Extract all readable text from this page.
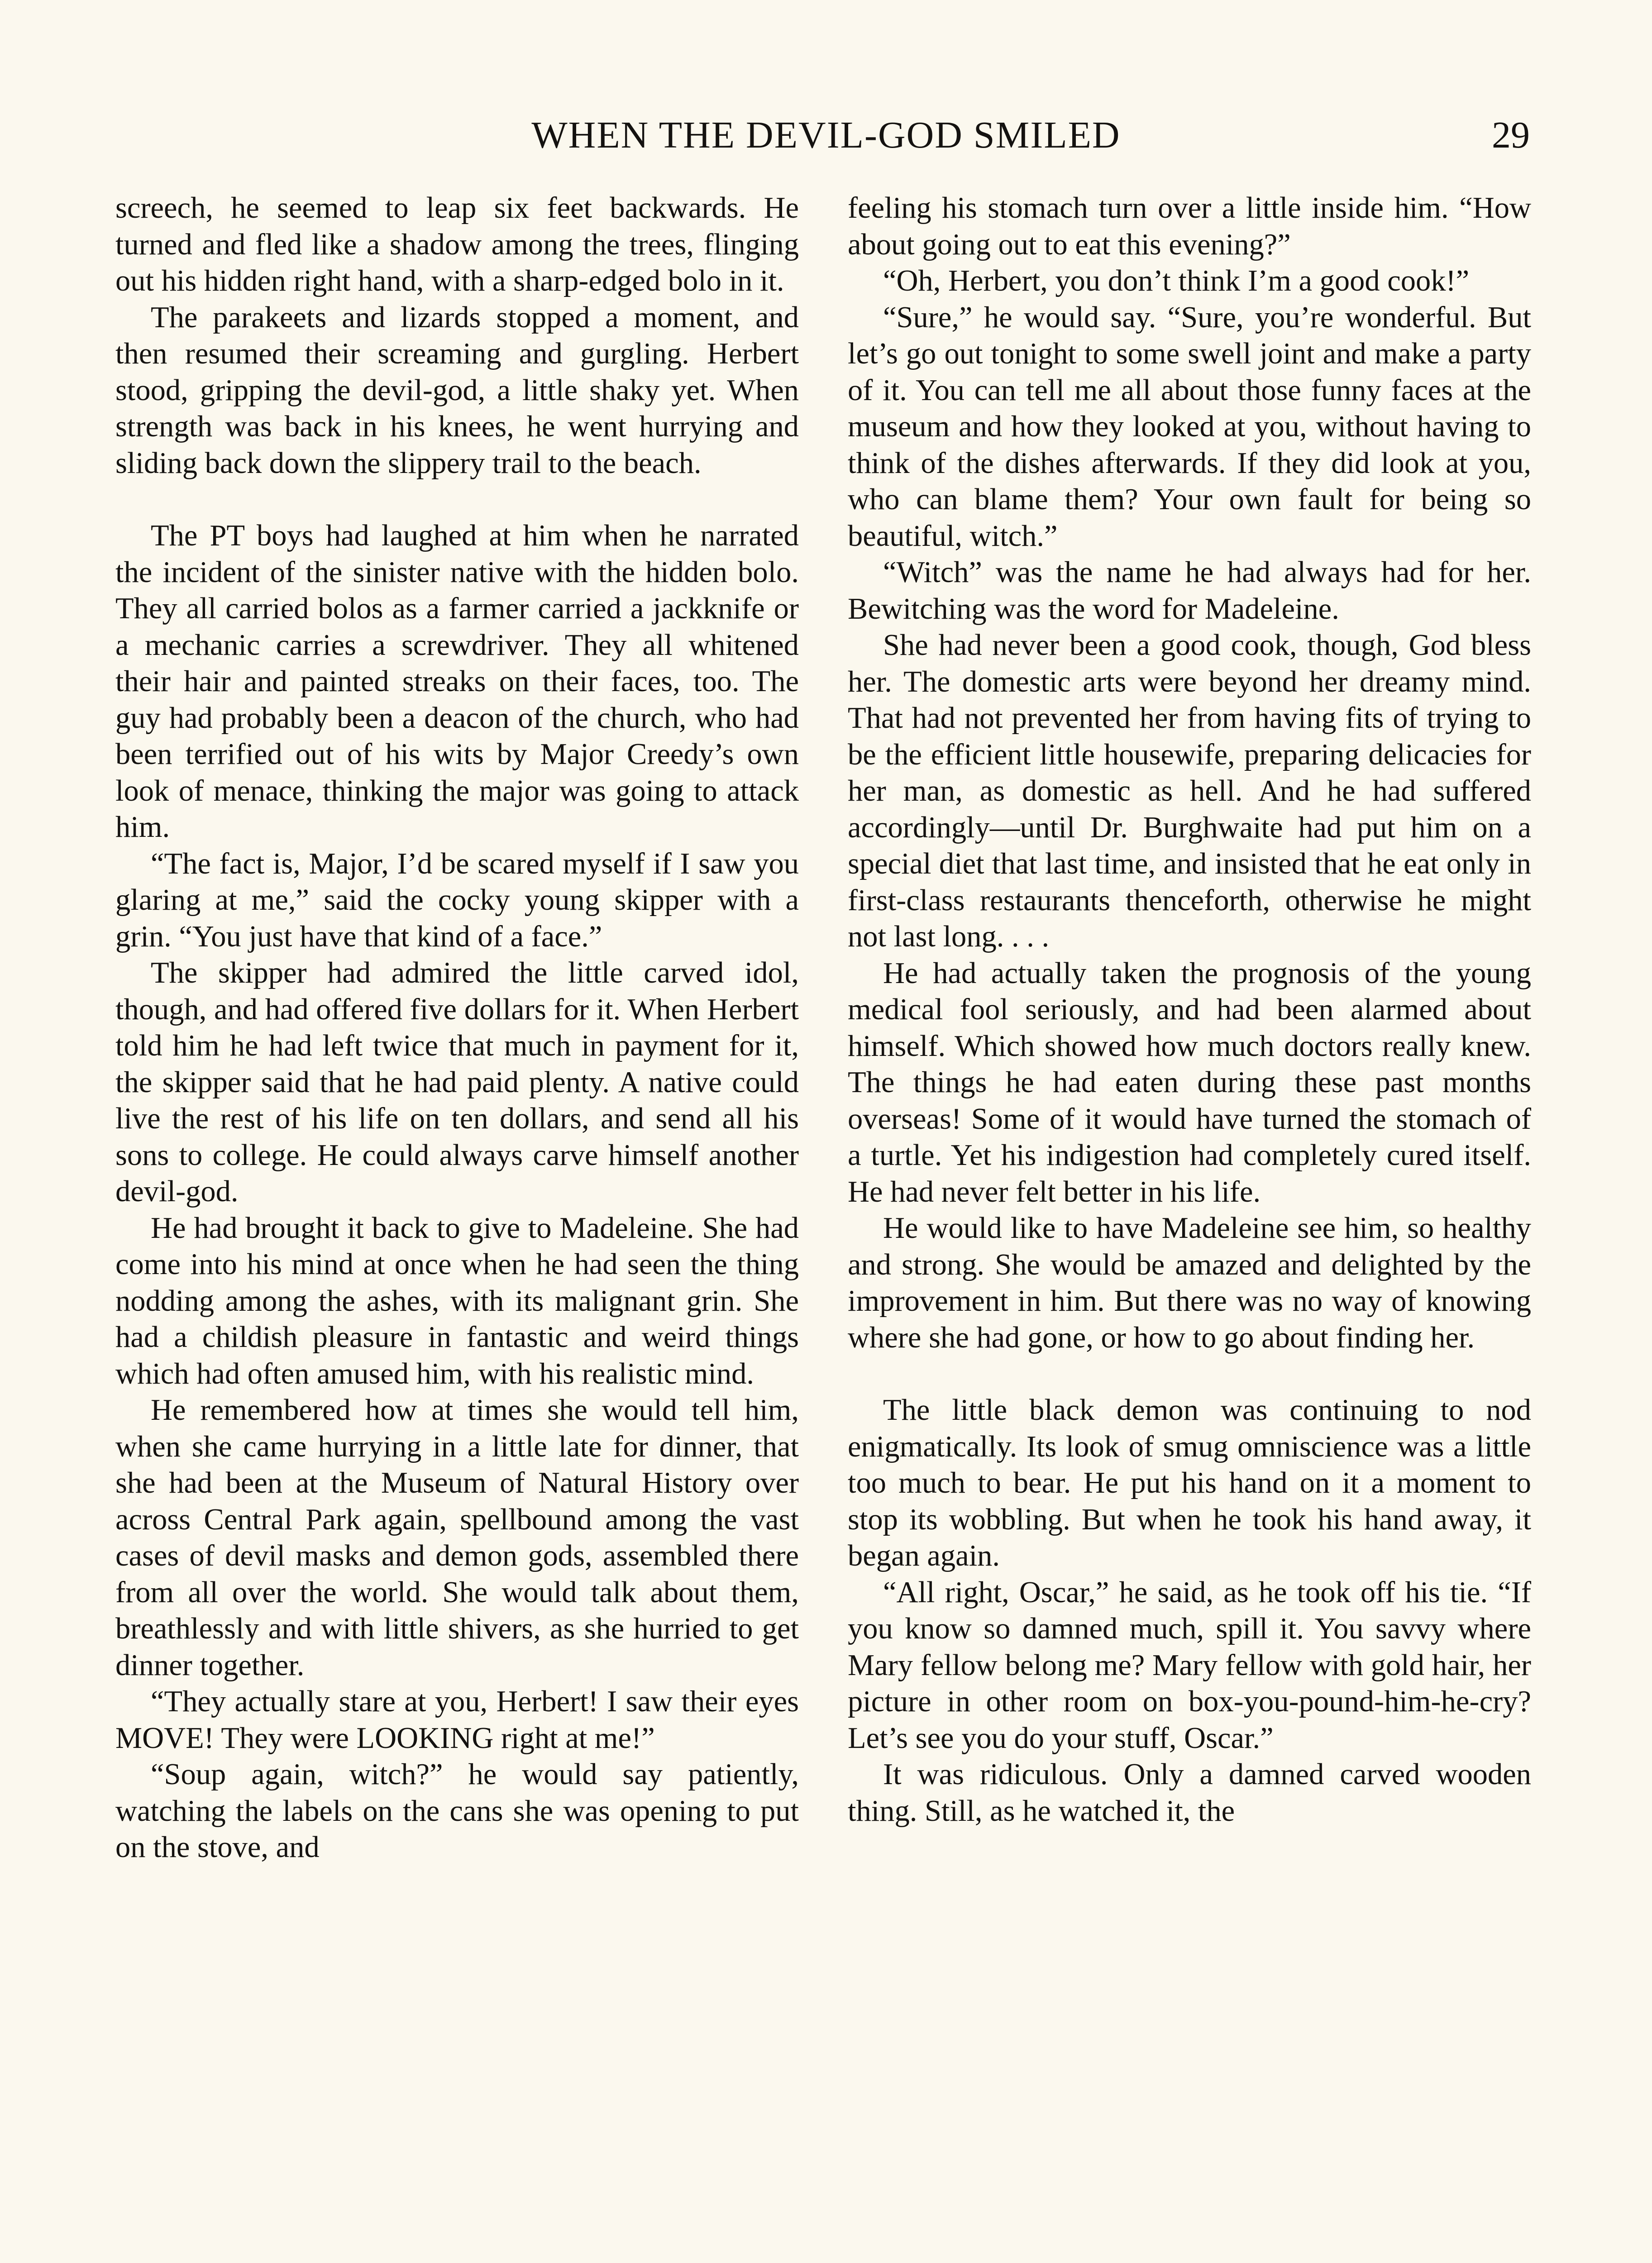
WHEN THE DEVIL-GOD SMILED	29

screech, he seemed to leap six feet backwards. He turned and fled like a shadow among the trees, flinging out his hidden right hand, with a sharp-edged bolo in it.

The parakeets and lizards stopped a moment, and then resumed their screaming and gurgling. Herbert stood, gripping the devil-god, a little shaky yet. When strength was back in his knees, he went hurrying and sliding back down the slippery trail to the beach.

The PT boys had laughed at him when he narrated the incident of the sinister native with the hidden bolo. They all carried bolos as a farmer carried a jackknife or a mechanic carries a screwdriver. They all whitened their hair and painted streaks on their faces, too. The guy had probably been a deacon of the church, who had been terrified out of his wits by Major Creedy’s own look of menace, thinking the major was going to attack him.

“The fact is, Major, I’d be scared myself if I saw you glaring at me,” said the cocky young skipper with a grin. “You just have that kind of a face.”

The skipper had admired the little carved idol, though, and had offered five dollars for it. When Herbert told him he had left twice that much in payment for it, the skipper said that he had paid plenty. A native could live the rest of his life on ten dollars, and send all his sons to college. He could always carve himself another devil-god.

He had brought it back to give to Madeleine. She had come into his mind at once when he had seen the thing nodding among the ashes, with its malignant grin. She had a childish pleasure in fantastic and weird things which had often amused him, with his realistic mind.

He remembered how at times she would tell him, when she came hurrying in a little late for dinner, that she had been at the Museum of Natural History over across Central Park again, spellbound among the vast cases of devil masks and demon gods, assembled there from all over the world. She would talk about them, breathlessly and with little shivers, as she hurried to get dinner together.

“They actually stare at you, Herbert! I saw their eyes MOVE! They were LOOKING right at me!”

“Soup again, witch?” he would say patiently, watching the labels on the cans she was opening to put on the stove, and

feeling his stomach turn over a little inside him. “How about going out to eat this evening?”

“Oh, Herbert, you don’t think I’m a good cook!”

“Sure,” he would say. “Sure, you’re wonderful. But let’s go out tonight to some swell joint and make a party of it. You can tell me all about those funny faces at the museum and how they looked at you, without having to think of the dishes afterwards. If they did look at you, who can blame them? Your own fault for being so beautiful, witch.”

“Witch” was the name he had always had for her. Bewitching was the word for Madeleine.

She had never been a good cook, though, God bless her. The domestic arts were beyond her dreamy mind. That had not prevented her from having fits of trying to be the efficient little housewife, preparing delicacies for her man, as domestic as hell. And he had suffered accordingly—until Dr. Burghwaite had put him on a special diet that last time, and insisted that he eat only in first-class restaurants thenceforth, otherwise he might not last long. . . .

He had actually taken the prognosis of the young medical fool seriously, and had been alarmed about himself. Which showed how much doctors really knew. The things he had eaten during these past months overseas! Some of it would have turned the stomach of a turtle. Yet his indigestion had completely cured itself. He had never felt better in his life.

He would like to have Madeleine see him, so healthy and strong. She would be amazed and delighted by the improvement in him. But there was no way of knowing where she had gone, or how to go about finding her.

The little black demon was continuing to nod enigmatically. Its look of smug omniscience was a little too much to bear. He put his hand on it a moment to stop its wobbling. But when he took his hand away, it began again.

“All right, Oscar,” he said, as he took off his tie. “If you know so damned much, spill it. You savvy where Mary fellow belong me? Mary fellow with gold hair, her picture in other room on box-you-pound-him-he-cry? Let’s see you do your stuff, Oscar.”

It was ridiculous. Only a damned carved wooden thing. Still, as he watched it, the
